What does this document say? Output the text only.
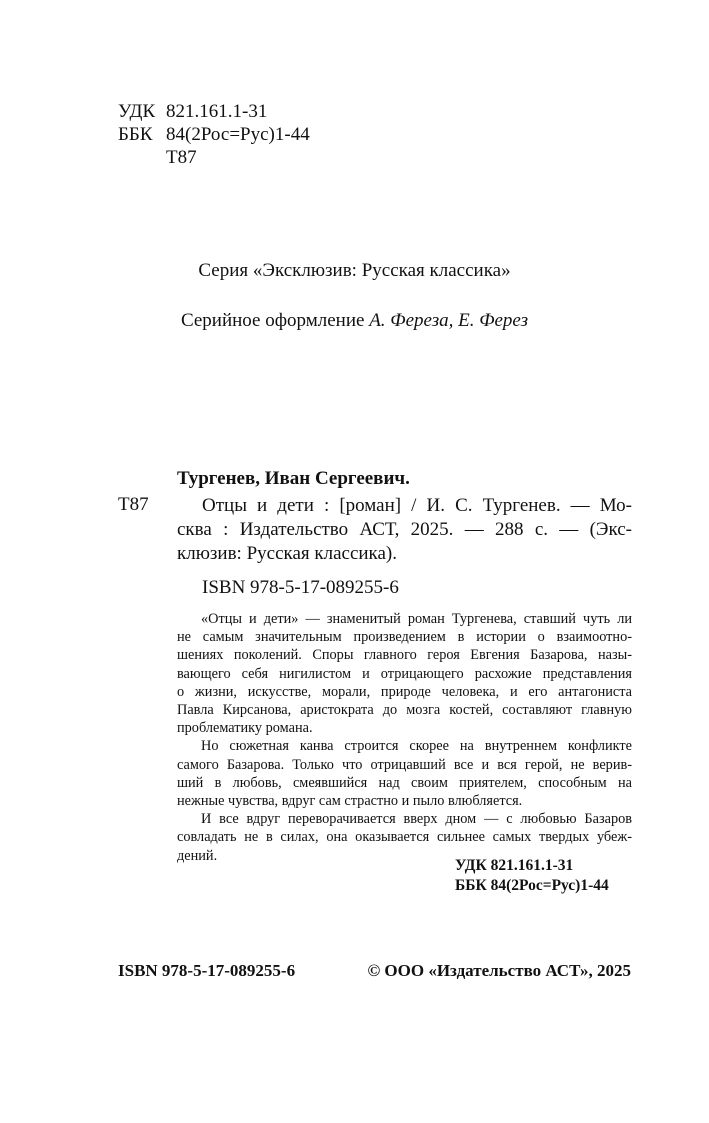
УДК 821.161.1-31
ББК 84(2Рос=Рус)1-44
Т87
Серия «Эксклюзив: Русская классика»
Серийное оформление А. Фереза, Е. Ферез
Тургенев, Иван Сергеевич.
Т87	Отцы и дети : [роман] / И. С. Тургенев. — Мо-
сква : Издательство АСТ, 2025. — 288 с. — (Экс-
клюзив: Русская классика).
ISBN 978-5-17-089255-6
«Отцы и дети» — знаменитый роман Тургенева, ставший чуть ли
не самым значительным произведением в истории о взаимоотно-
шениях поколений. Споры главного героя Евгения Базарова, назы-
вающего себя нигилистом и отрицающего расхожие представления
о жизни, искусстве, морали, природе человека, и его антагониста
Павла Кирсанова, аристократа до мозга костей, составляют главную
проблематику романа.
Но сюжетная канва строится скорее на внутреннем конфликте
самого Базарова. Только что отрицавший все и вся герой, не верив-
ший в любовь, смеявшийся над своим приятелем, способным на
нежные чувства, вдруг сам страстно и пыло влюбляется.
И все вдруг переворачивается вверх дном — с любовью Базаров
совладать не в силах, она оказывается сильнее самых твердых убеж-
дений.
УДК 821.161.1-31
ББК 84(2Рос=Рус)1-44
ISBN 978-5-17-089255-6	© ООО «Издательство АСТ», 2025
